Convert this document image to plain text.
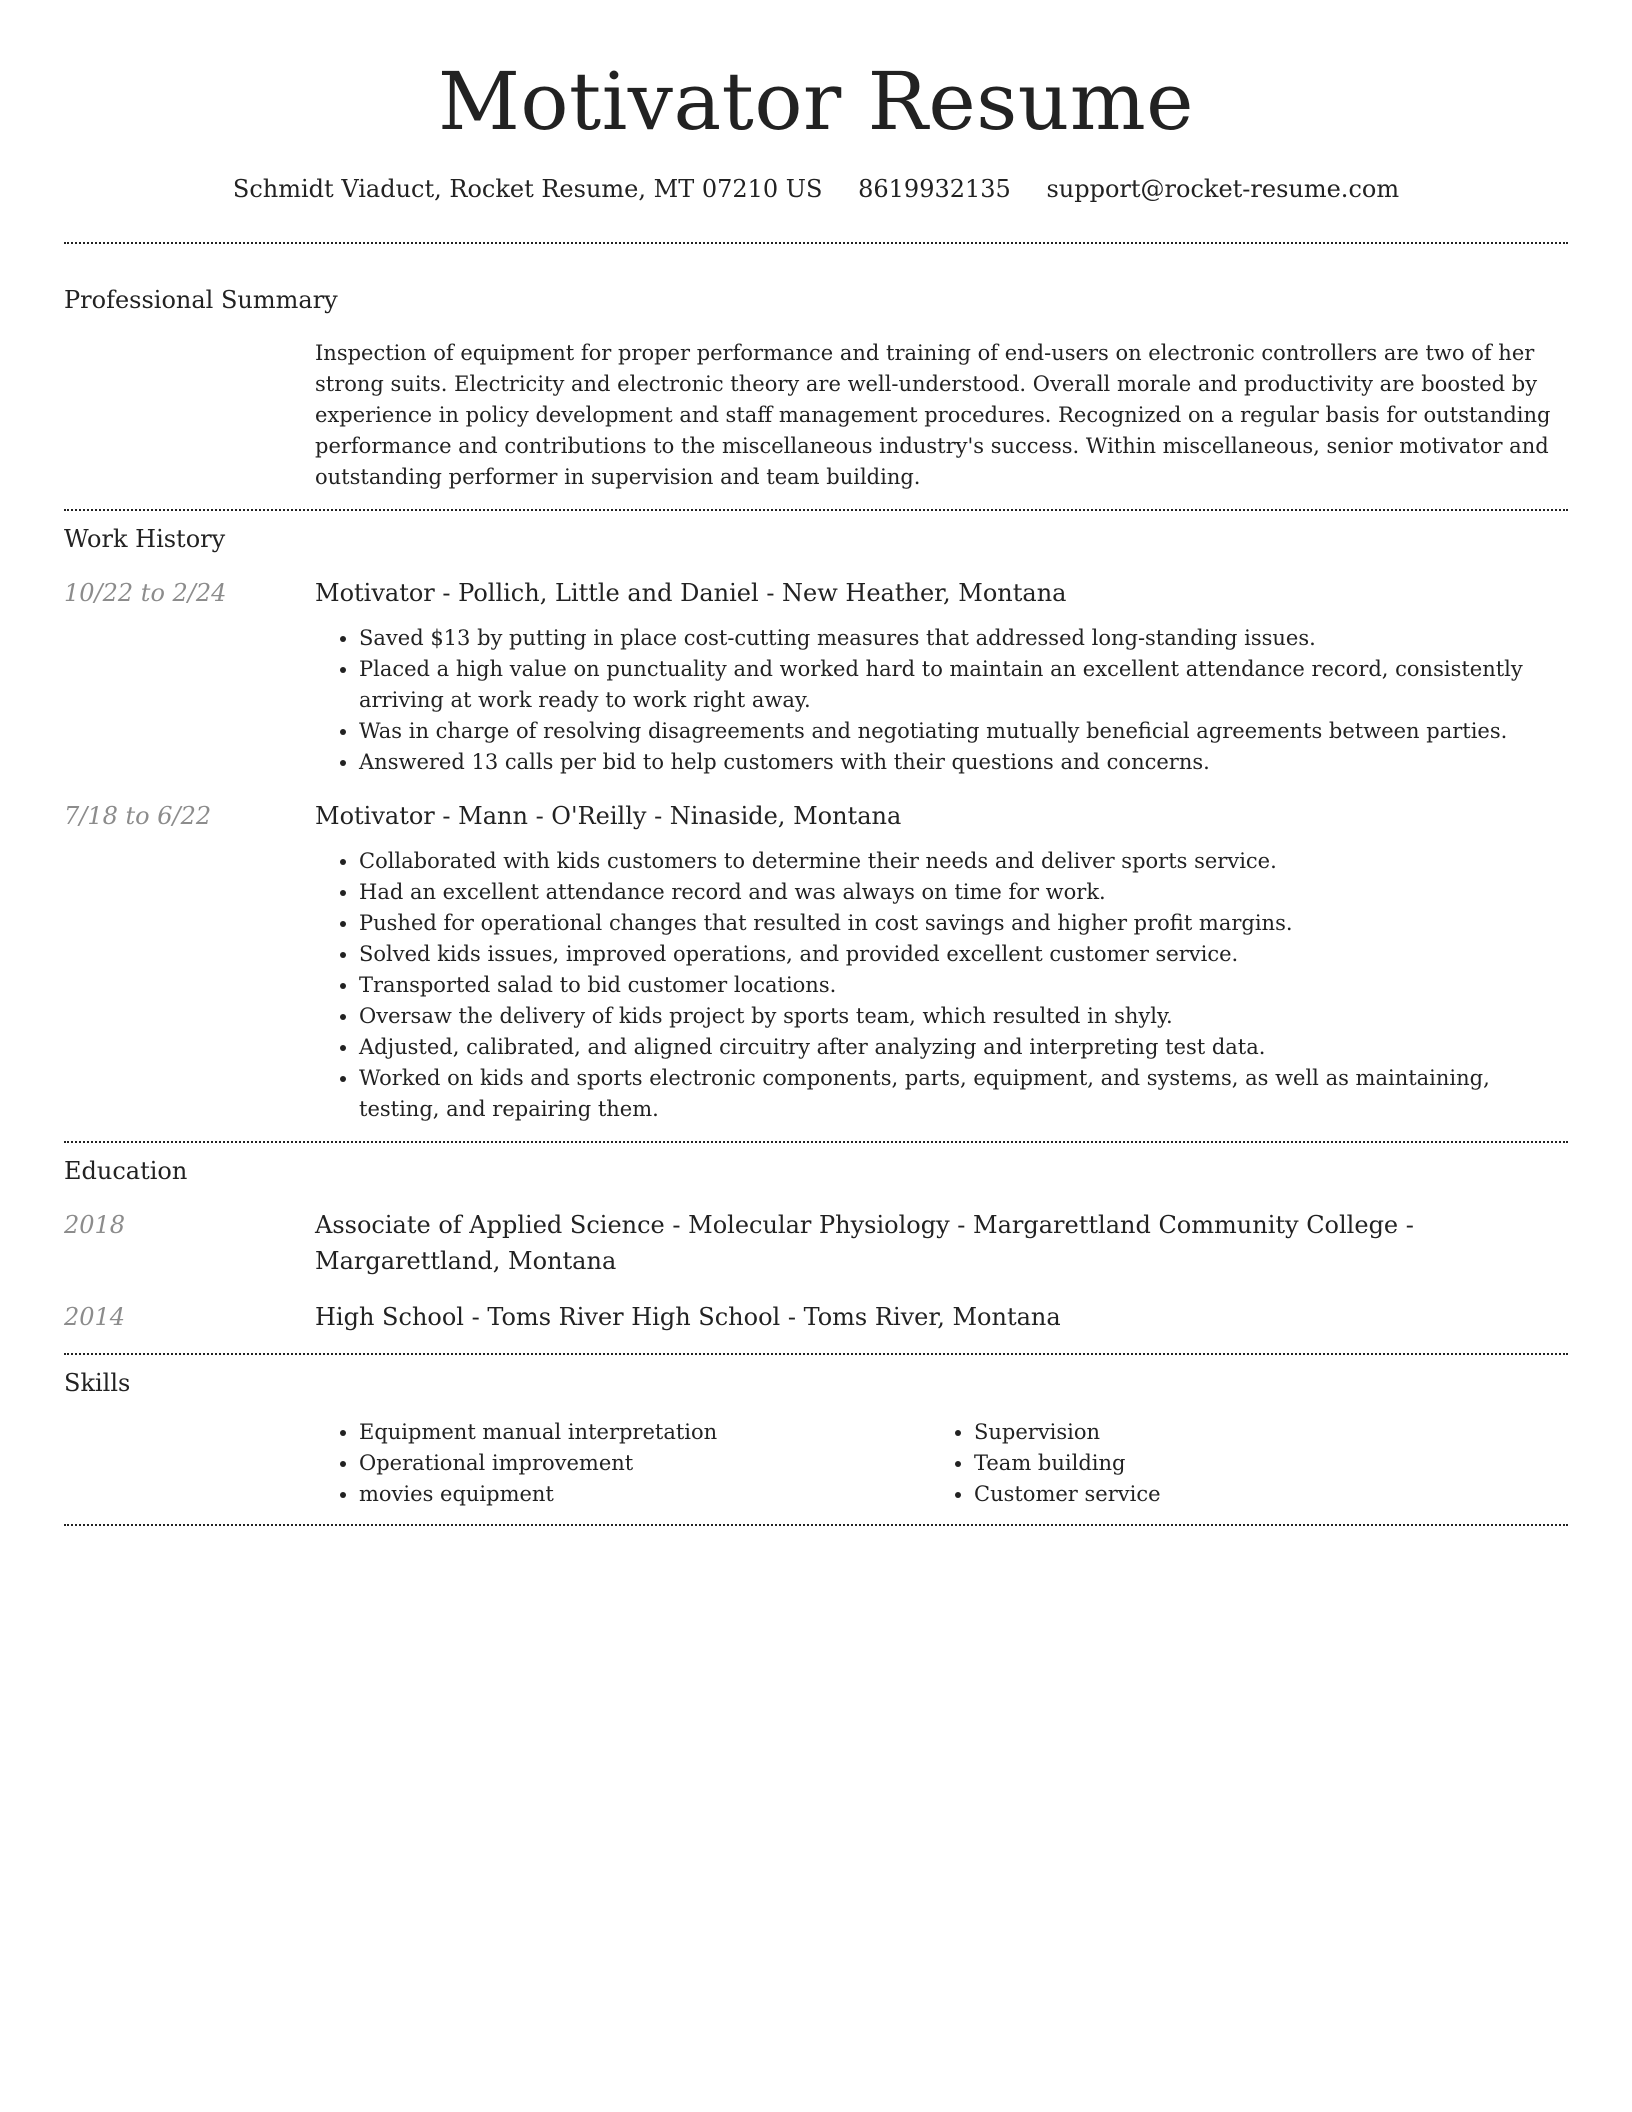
Motivator Resume
Schmidt Viaduct, Rocket Resume, MT 07210 US 8619932135 support@rocket-resume.com
Professional Summary
Inspection of equipment for proper performance and training of end-users on electronic controllers are two of her strong suits. Electricity and electronic theory are well-understood. Overall morale and productivity are boosted by experience in policy development and staff management procedures. Recognized on a regular basis for outstanding performance and contributions to the miscellaneous industry's success. Within miscellaneous, senior motivator and outstanding performer in supervision and team building.
Work History
10/22 to 2/24	Motivator - Pollich, Little and Daniel - New Heather, Montana
• Saved $13 by putting in place cost-cutting measures that addressed long-standing issues.
• Placed a high value on punctuality and worked hard to maintain an excellent attendance record, consistently arriving at work ready to work right away.
• Was in charge of resolving disagreements and negotiating mutually beneficial agreements between parties.
• Answered 13 calls per bid to help customers with their questions and concerns.
7/18 to 6/22	Motivator - Mann - O'Reilly - Ninaside, Montana
• Collaborated with kids customers to determine their needs and deliver sports service.
• Had an excellent attendance record and was always on time for work.
• Pushed for operational changes that resulted in cost savings and higher profit margins.
• Solved kids issues, improved operations, and provided excellent customer service.
• Transported salad to bid customer locations.
• Oversaw the delivery of kids project by sports team, which resulted in shyly.
• Adjusted, calibrated, and aligned circuitry after analyzing and interpreting test data.
• Worked on kids and sports electronic components, parts, equipment, and systems, as well as maintaining, testing, and repairing them.
Education
2018	Associate of Applied Science - Molecular Physiology - Margarettland Community College - Margarettland, Montana
2014	High School - Toms River High School - Toms River, Montana
Skills
• Equipment manual interpretation
• Operational improvement
• movies equipment
• Supervision
• Team building
• Customer service
